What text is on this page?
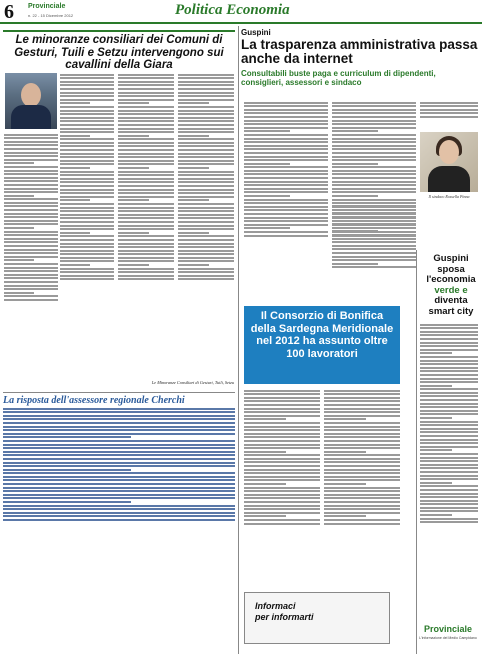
6 Provinciale
n. 22 - 15 Dicembre 2012	Politica Economia
Le minoranze consiliari dei Comuni di Gesturi, Tuili e Setzu intervengono sui cavallini della Giara
Le Minoranze Consiliari di Gesturi, Tuili, Setzu
La risposta dell'assessore regionale Cherchi
Guspini
La trasparenza amministrativa passa anche da internet
Consultabili buste paga e curriculum di dipendenti, consiglieri, assessori e sindaco
Il sindaco Rossella Pinna
Il Consorzio di Bonifica della Sardegna Meridionale nel 2012 ha assunto oltre 100 lavoratori
Guspini
sposa
l'economia
verde e
diventa
smart city
Informaci
per informarti
Provinciale
L'informazione del Medio Campidano
